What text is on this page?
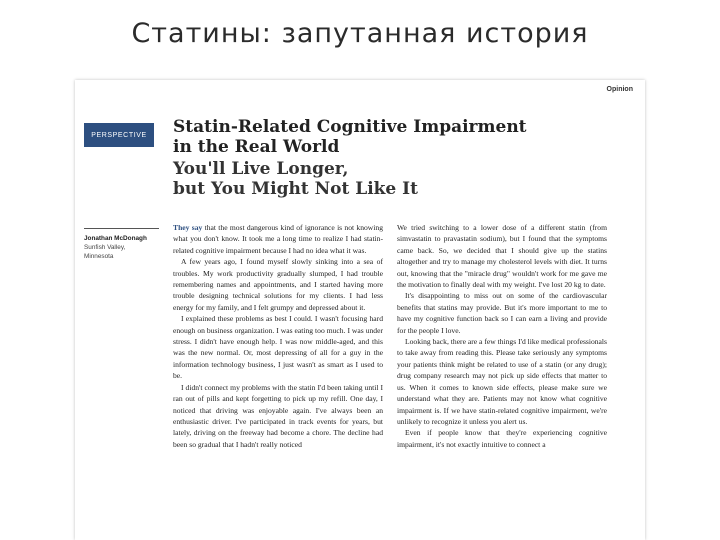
Статины: запутанная история
Opinion
PERSPECTIVE	Statin-Related Cognitive Impairment
in the Real World
You'll Live Longer,
but You Might Not Like It
Jonathan McDonagh
Sunfish Valley,
Minnesota

They say that the most dangerous kind of ignorance is not knowing what you don't know. It took me a long time to realize I had statin-related cognitive impairment because I had no idea what it was.

A few years ago, I found myself slowly sinking into a sea of troubles. My work productivity gradually slumped, I had trouble remembering names and appointments, and I started having more trouble designing technical solutions for my clients. I had less energy for my family, and I felt grumpy and depressed about it.

I explained these problems as best I could. I wasn't focusing hard enough on business organization. I was eating too much. I was under stress. I didn't have enough help. I was now middle-aged, and this was the new normal. Or, most depressing of all for a guy in the information technology business, I just wasn't as smart as I used to be.

I didn't connect my problems with the statin I'd been taking until I ran out of pills and kept forgetting to pick up my refill. One day, I noticed that driving was enjoyable again. I've always been an enthusiastic driver. I've participated in track events for years, but lately, driving on the freeway had become a chore. The decline had been so gradual that I hadn't really noticed

We tried switching to a lower dose of a different statin (from simvastatin to pravastatin sodium), but I found that the symptoms came back. So, we decided that I should give up the statins altogether and try to manage my cholesterol levels with diet. It turns out, knowing that the "miracle drug" wouldn't work for me gave me the motivation to finally deal with my weight. I've lost 20 kg to date.

It's disappointing to miss out on some of the cardiovascular benefits that statins may provide. But it's more important to me to have my cognitive function back so I can earn a living and provide for the people I love.

Looking back, there are a few things I'd like medical professionals to take away from reading this. Please take seriously any symptoms your patients think might be related to use of a statin (or any drug); drug company research may not pick up side effects that matter to us. When it comes to known side effects, please make sure we understand what they are. Patients may not know what cognitive impairment is. If we have statin-related cognitive impairment, we're unlikely to recognize it unless you alert us.

Even if people know that they're experiencing cognitive impairment, it's not exactly intuitive to connect a
